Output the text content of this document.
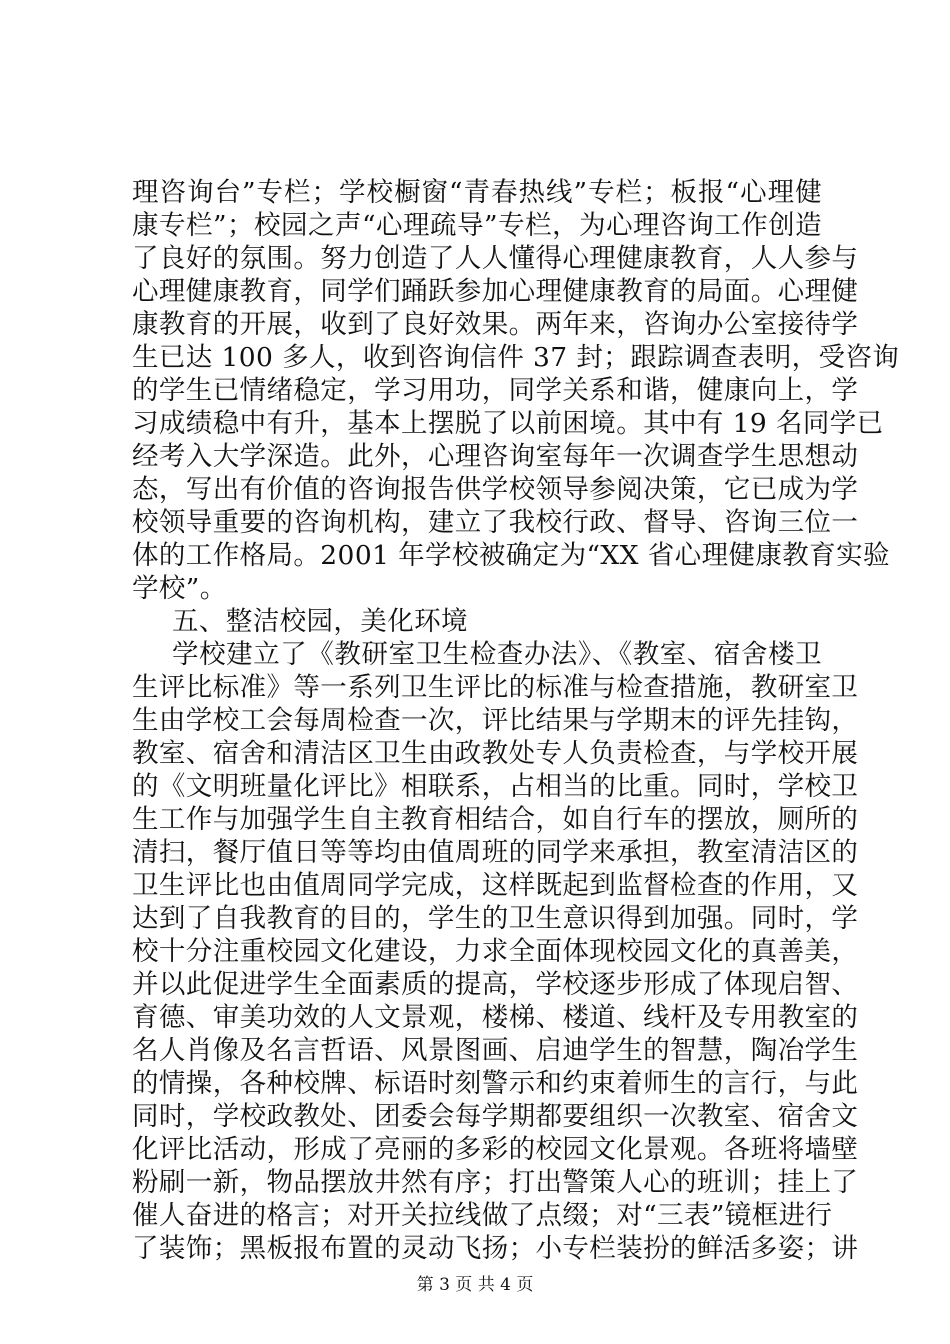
理咨询台”专栏；学校橱窗“青春热线”专栏；板报“心理健
康专栏”；校园之声“心理疏导”专栏，为心理咨询工作创造
了良好的氛围。努力创造了人人懂得心理健康教育，人人参与
心理健康教育，同学们踊跃参加心理健康教育的局面。心理健
康教育的开展，收到了良好效果。两年来，咨询办公室接待学
生已达 100 多人，收到咨询信件 37 封；跟踪调查表明，受咨询
的学生已情绪稳定，学习用功，同学关系和谐，健康向上，学
习成绩稳中有升，基本上摆脱了以前困境。其中有 19 名同学已
经考入大学深造。此外，心理咨询室每年一次调查学生思想动
态，写出有价值的咨询报告供学校领导参阅决策，它已成为学
校领导重要的咨询机构，建立了我校行政、督导、咨询三位一
体的工作格局。2001 年学校被确定为“XX 省心理健康教育实验
学校”。
五、整洁校园，美化环境
学校建立了《教研室卫生检查办法》、《教室、宿舍楼卫
生评比标准》等一系列卫生评比的标准与检查措施，教研室卫
生由学校工会每周检查一次，评比结果与学期末的评先挂钩，
教室、宿舍和清洁区卫生由政教处专人负责检查，与学校开展
的《文明班量化评比》相联系，占相当的比重。同时，学校卫
生工作与加强学生自主教育相结合，如自行车的摆放，厕所的
清扫，餐厅值日等等均由值周班的同学来承担，教室清洁区的
卫生评比也由值周同学完成，这样既起到监督检查的作用，又
达到了自我教育的目的，学生的卫生意识得到加强。同时，学
校十分注重校园文化建设，力求全面体现校园文化的真善美，
并以此促进学生全面素质的提高，学校逐步形成了体现启智、
育德、审美功效的人文景观，楼梯、楼道、线杆及专用教室的
名人肖像及名言哲语、风景图画、启迪学生的智慧，陶冶学生
的情操，各种校牌、标语时刻警示和约束着师生的言行，与此
同时，学校政教处、团委会每学期都要组织一次教室、宿舍文
化评比活动，形成了亮丽的多彩的校园文化景观。各班将墙壁
粉刷一新，物品摆放井然有序；打出警策人心的班训；挂上了
催人奋进的格言；对开关拉线做了点缀；对“三表”镜框进行
了装饰；黑板报布置的灵动飞扬；小专栏装扮的鲜活多姿；讲
第 3 页 共 4 页
